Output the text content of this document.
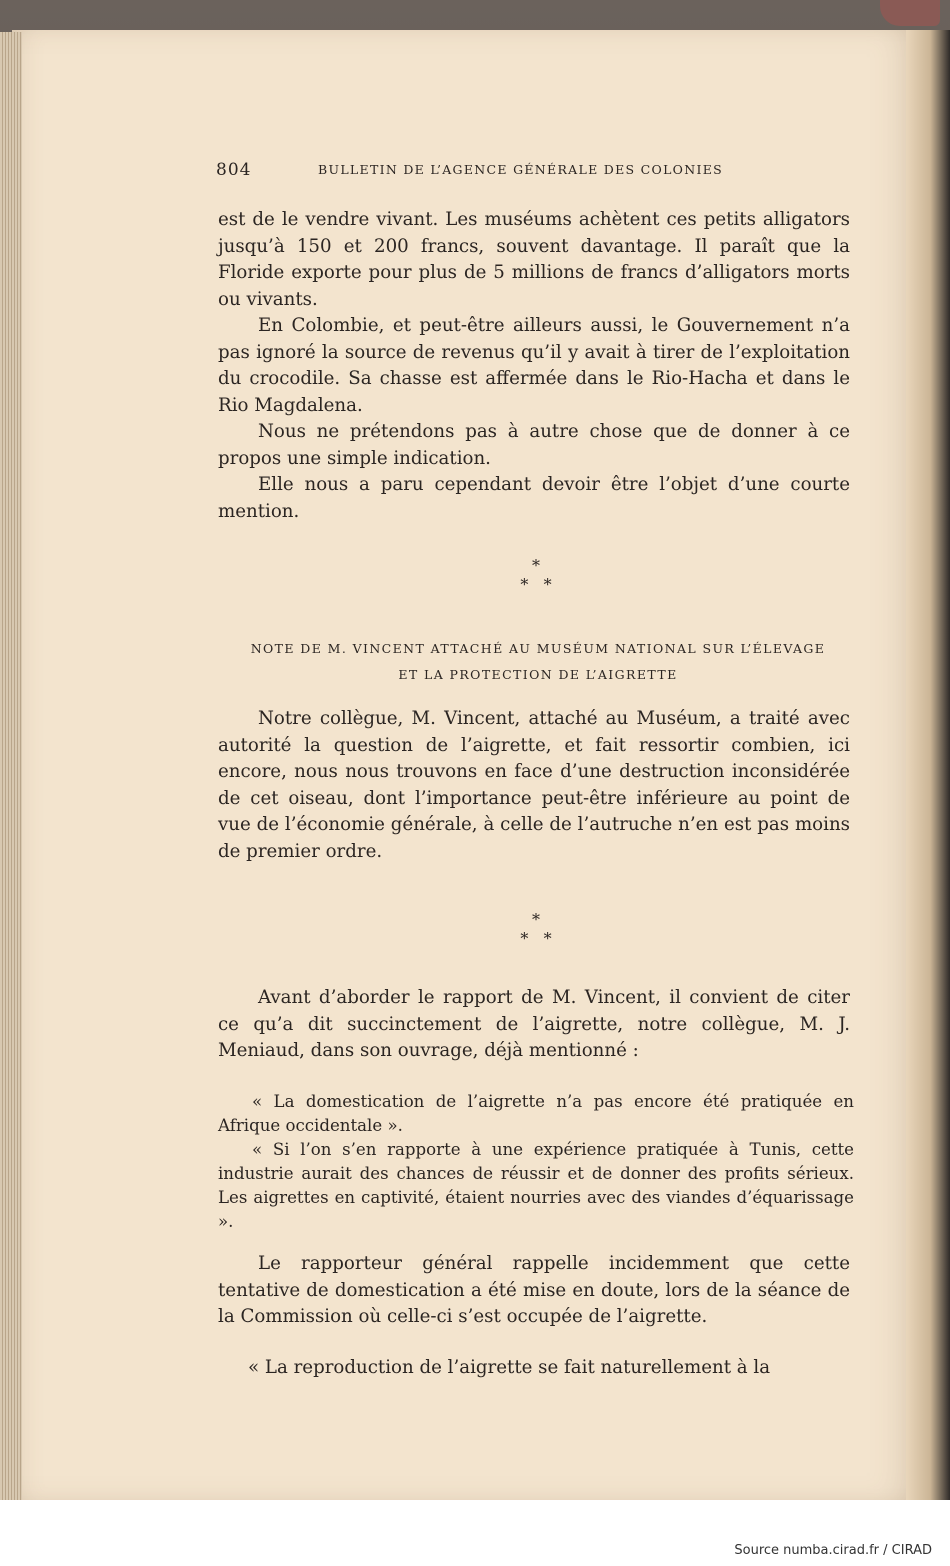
804	BULLETIN DE L’AGENCE GÉNÉRALE DES COLONIES

est de le vendre vivant. Les muséums achètent ces petits alligators jusqu’à 150 et 200 francs, souvent davantage. Il paraît que la Floride exporte pour plus de 5 millions de francs d’alligators morts ou vivants.

En Colombie, et peut-être ailleurs aussi, le Gouvernement n’a pas ignoré la source de revenus qu’il y avait à tirer de l’exploitation du crocodile. Sa chasse est affermée dans le Rio-Hacha et dans le Rio Magdalena.

Nous ne prétendons pas à autre chose que de donner à ce propos une simple indication.

Elle nous a paru cependant devoir être l’objet d’une courte mention.

*
*   *
NOTE DE M. VINCENT ATTACHÉ AU MUSÉUM NATIONAL SUR L’ÉLEVAGE
ET LA PROTECTION DE L’AIGRETTE

Notre collègue, M. Vincent, attaché au Muséum, a traité avec autorité la question de l’aigrette, et fait ressortir combien, ici encore, nous nous trouvons en face d’une destruction inconsidérée de cet oiseau, dont l’importance peut-être inférieure au point de vue de l’économie générale, à celle de l’autruche n’en est pas moins de premier ordre.

*
*   *

Avant d’aborder le rapport de M. Vincent, il convient de citer ce qu’a dit succinctement de l’aigrette, notre collègue, M. J. Meniaud, dans son ouvrage, déjà mentionné :

« La domestication de l’aigrette n’a pas encore été pratiquée en Afrique occidentale ».

« Si l’on s’en rapporte à une expérience pratiquée à Tunis, cette industrie aurait des chances de réussir et de donner des profits sérieux. Les aigrettes en captivité, étaient nourries avec des viandes d’équarissage ».

Le rapporteur général rappelle incidemment que cette tentative de domestication a été mise en doute, lors de la séance de la Commission où celle-ci s’est occupée de l’aigrette.

« La reproduction de l’aigrette se fait naturellement à la

Source numba.cirad.fr / CIRAD
